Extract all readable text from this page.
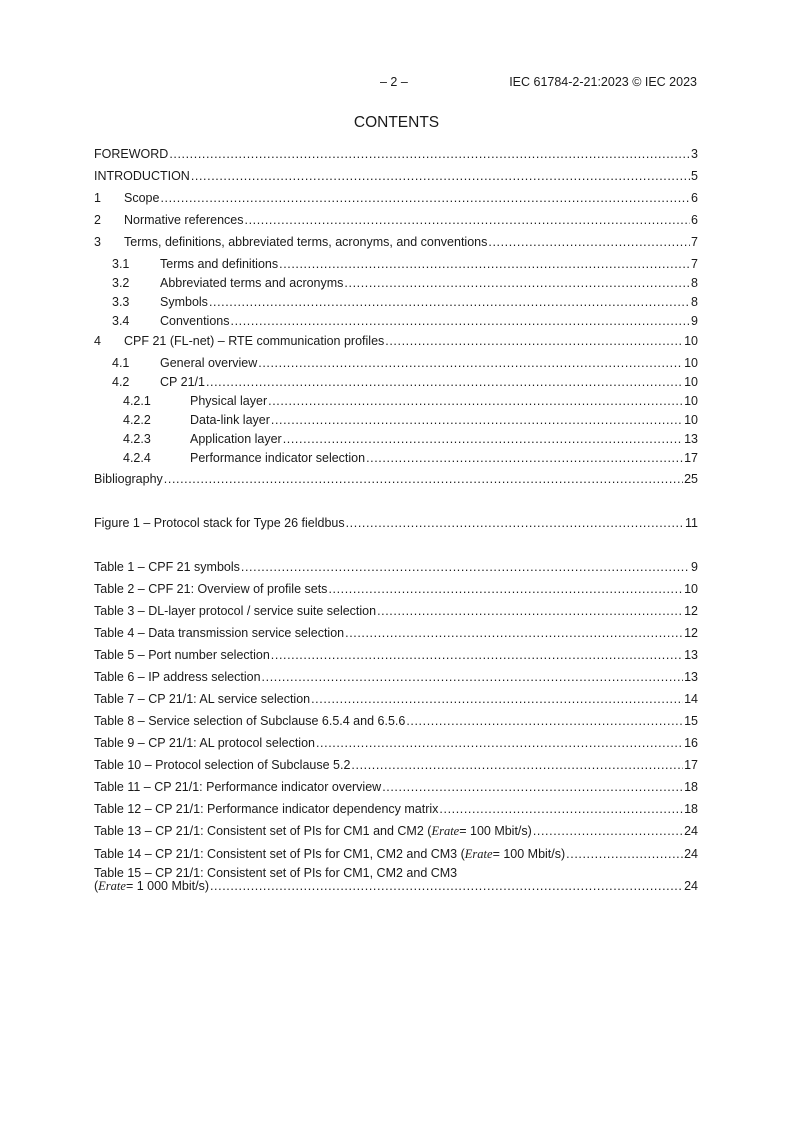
– 2 –	IEC 61784-2-21:2023 © IEC 2023
CONTENTS
FOREWORD .....	3
INTRODUCTION .....	5
1	Scope .....	6
2	Normative references .....	6
3	Terms, definitions, abbreviated terms, acronyms, and conventions .....	7
3.1	Terms and definitions .....	7
3.2	Abbreviated terms and acronyms .....	8
3.3	Symbols .....	8
3.4	Conventions .....	9
4	CPF 21 (FL-net) – RTE communication profiles .....	10
4.1	General overview .....	10
4.2	CP 21/1 .....	10
4.2.1	Physical layer .....	10
4.2.2	Data-link layer .....	10
4.2.3	Application layer .....	13
4.2.4	Performance indicator selection .....	17
Bibliography .....	25
Figure 1 – Protocol stack for Type 26 fieldbus .....	11
Table 1 – CPF 21 symbols .....	9
Table 2 – CPF 21: Overview of profile sets .....	10
Table 3 – DL-layer protocol / service suite selection .....	12
Table 4 – Data transmission service selection .....	12
Table 5 – Port number selection .....	13
Table 6 – IP address selection .....	13
Table 7 – CP 21/1: AL service selection .....	14
Table 8 – Service selection of Subclause 6.5.4 and 6.5.6 .....	15
Table 9 – CP 21/1: AL protocol selection .....	16
Table 10 – Protocol selection of Subclause 5.2 .....	17
Table 11 – CP 21/1: Performance indicator overview .....	18
Table 12 – CP 21/1: Performance indicator dependency matrix .....	18
Table 13 – CP 21/1: Consistent set of PIs for CM1 and CM2 ( Erate = 100 Mbit/s) .....	24
Table 14 – CP 21/1: Consistent set of PIs for CM1, CM2 and CM3 ( Erate = 100 Mbit/s) .....	24
Table 15 – CP 21/1: Consistent set of PIs for CM1, CM2 and CM3
( Erate = 1 000 Mbit/s) .....	24
